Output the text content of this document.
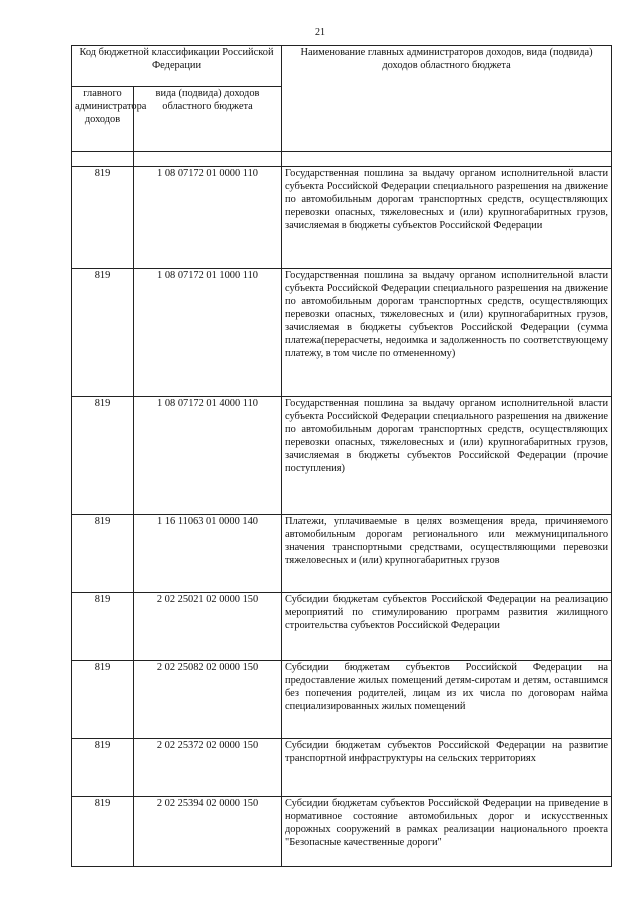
21
Код бюджетной классификации Российской Федерации		Наименование главных администраторов доходов, вида (подвида) доходов областного бюджета
главного администратора доходов	вида (подвида) доходов областного бюджета	

819	1 08 07172 01 0000 110	Государственная пошлина за выдачу органом исполнительной власти субъекта Российской Федерации специального разрешения на движение по автомобильным дорогам транспортных средств, осуществляющих перевозки опасных, тяжеловесных и (или) крупногабаритных грузов, зачисляемая в бюджеты субъектов Российской Федерации
819	1 08 07172 01 1000 110	Государственная пошлина за выдачу органом исполнительной власти субъекта Российской Федерации специального разрешения на движение по автомобильным дорогам транспортных средств, осуществляющих перевозки опасных, тяжеловесных и (или) крупногабаритных грузов, зачисляемая в бюджеты субъектов Российской Федерации (сумма платежа(перерасчеты, недоимка и задолженность по соответствующему платежу, в том числе по отмененному)
819	1 08 07172 01 4000 110	Государственная пошлина за выдачу органом исполнительной власти субъекта Российской Федерации специального разрешения на движение по автомобильным дорогам транспортных средств, осуществляющих перевозки опасных, тяжеловесных и (или) крупногабаритных грузов, зачисляемая в бюджеты субъектов Российской Федерации (прочие поступления)
819	1 16 11063 01 0000 140	Платежи, уплачиваемые в целях возмещения вреда, причиняемого автомобильным дорогам регионального или межмуниципального значения транспортными средствами, осуществляющими перевозки тяжеловесных и (или) крупногабаритных грузов
819	2 02 25021 02 0000 150	Субсидии бюджетам субъектов Российской Федерации на реализацию мероприятий по стимулированию программ развития жилищного строительства субъектов Российской Федерации
819	2 02 25082 02 0000 150	Субсидии бюджетам субъектов Российской Федерации на предоставление жилых помещений детям-сиротам и детям, оставшимся без попечения родителей, лицам из их числа по договорам найма специализированных жилых помещений
819	2 02 25372 02 0000 150	Субсидии бюджетам субъектов Российской Федерации на развитие транспортной инфраструктуры на сельских территориях
819	2 02 25394 02 0000 150	Субсидии бюджетам субъектов Российской Федерации на приведение в нормативное состояние автомобильных дорог и искусственных дорожных сооружений в рамках реализации национального проекта "Безопасные качественные дороги"
